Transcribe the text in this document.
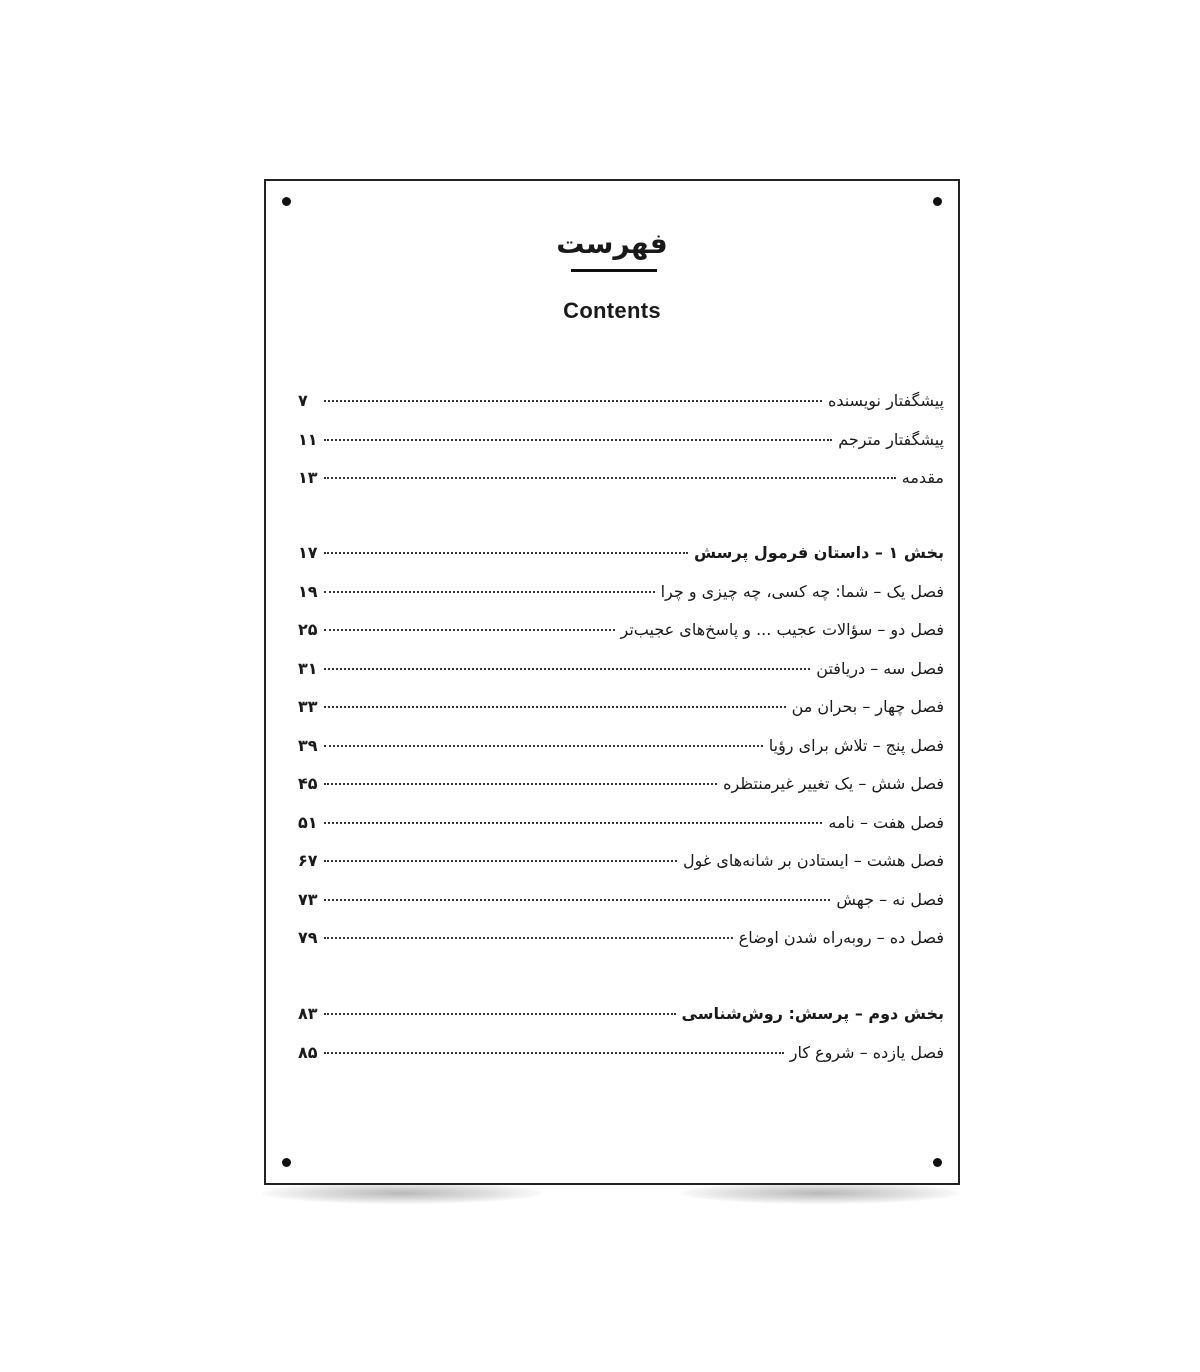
فهرست
Contents
پیشگفتار نویسنده
۷
پیشگفتار مترجم
۱۱
مقدمه
۱۳
بخش ۱ – داستان فرمول پرسش
۱۷
فصل یک – شما: چه کسی، چه چیزی و چرا
۱۹
فصل دو – سؤالات عجیب ... و پاسخ‌های عجیب‌تر
۲۵
فصل سه – دریافتن
۳۱
فصل چهار – بحران من
۳۳
فصل پنج – تلاش برای رؤیا
۳۹
فصل شش – یک تغییر غیرمنتظره
۴۵
فصل هفت – نامه
۵۱
فصل هشت – ایستادن بر شانه‌های غول
۶۷
فصل نه – جهش
۷۳
فصل ده – روبه‌راه شدن اوضاع
۷۹
بخش دوم – پرسش: روش‌شناسی
۸۳
فصل یازده – شروع کار
۸۵
